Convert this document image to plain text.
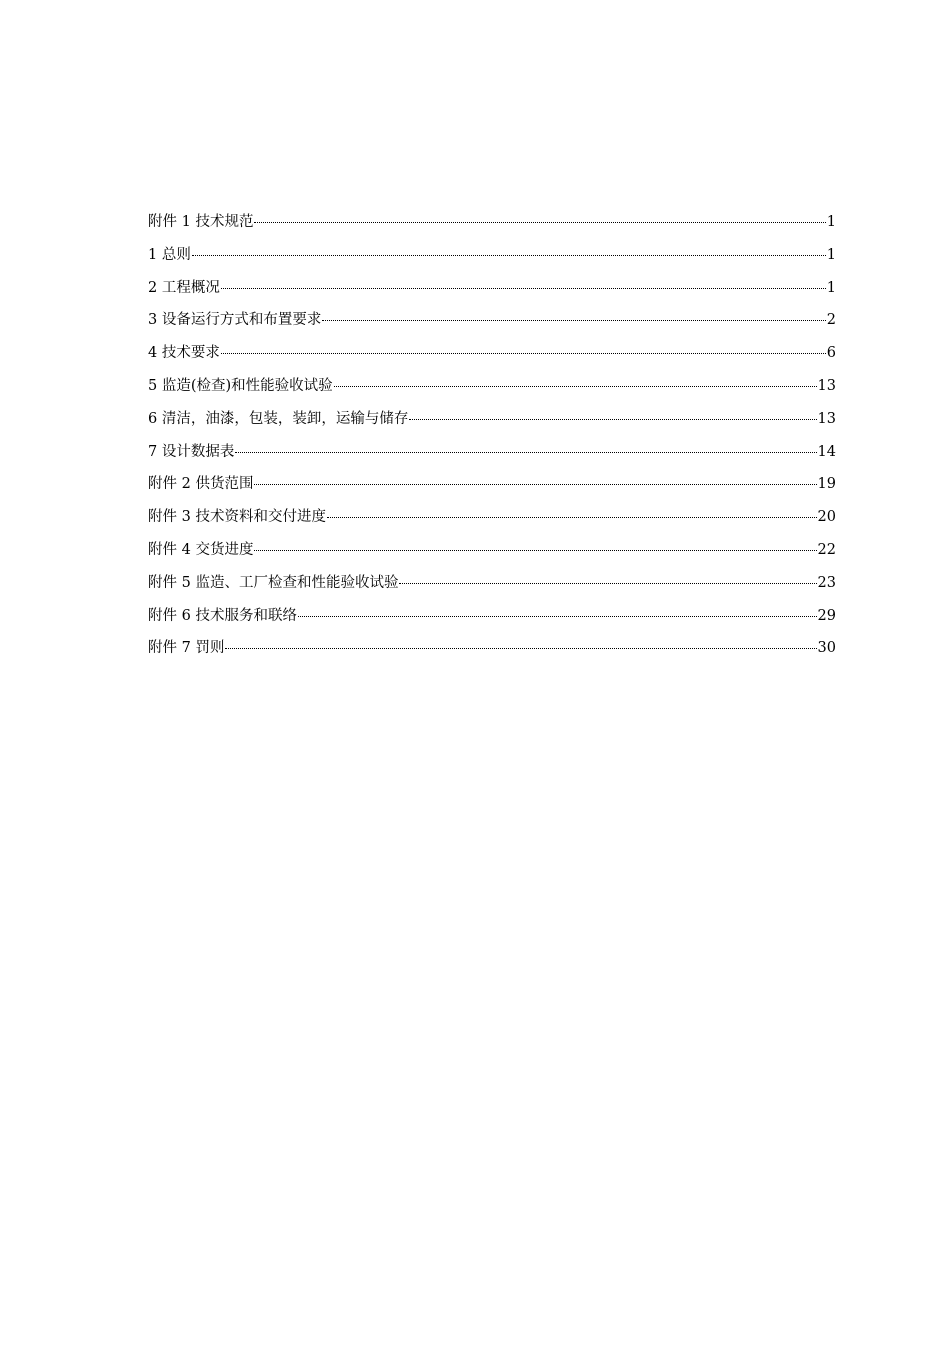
附件 1 技术规范	1
1 总则	1
2 工程概况	1
3 设备运行方式和布置要求	2
4 技术要求	6
5 监造(检查)和性能验收试验	13
6 清洁，油漆，包装，装卸，运输与储存	13
7 设计数据表	14
附件 2 供货范围	19
附件 3 技术资料和交付进度	20
附件 4 交货进度	22
附件 5 监造、工厂检查和性能验收试验	23
附件 6 技术服务和联络	29
附件 7 罚则	30
